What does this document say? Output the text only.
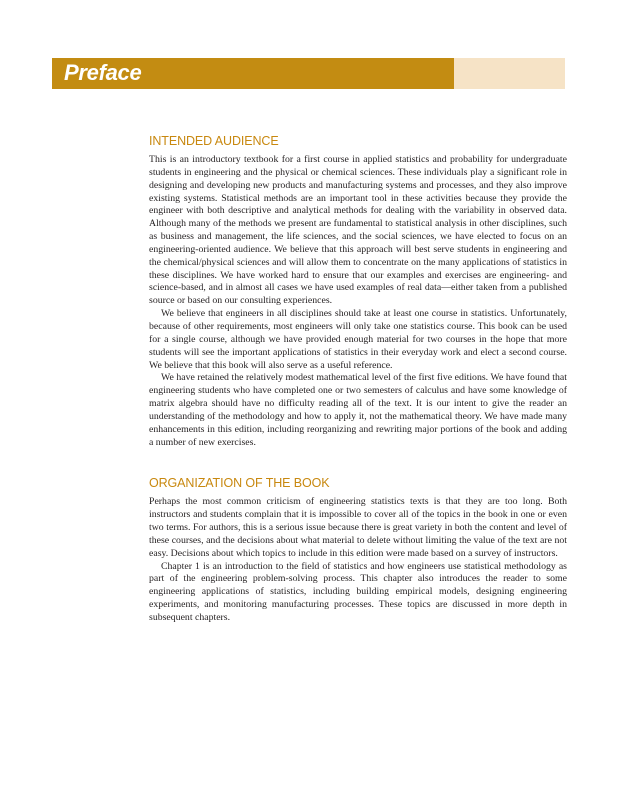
Preface
INTENDED AUDIENCE

This is an introductory textbook for a first course in applied statistics and probability for undergraduate students in engineering and the physical or chemical sciences. These individuals play a significant role in designing and developing new products and manufacturing systems and processes, and they also improve existing systems. Statistical methods are an important tool in these activities because they provide the engineer with both descriptive and analytical methods for dealing with the variability in observed data. Although many of the methods we present are fundamental to statistical analysis in other disciplines, such as business and management, the life sciences, and the social sciences, we have elected to focus on an engineering-oriented audience. We believe that this approach will best serve students in engineering and the chemical/physical sciences and will allow them to concentrate on the many applications of statistics in these disciplines. We have worked hard to ensure that our examples and exercises are engineering- and science-based, and in almost all cases we have used examples of real data—either taken from a published source or based on our consulting experiences.

We believe that engineers in all disciplines should take at least one course in statistics. Unfortunately, because of other requirements, most engineers will only take one statistics course. This book can be used for a single course, although we have provided enough material for two courses in the hope that more students will see the important applications of statistics in their everyday work and elect a second course. We believe that this book will also serve as a useful reference.

We have retained the relatively modest mathematical level of the first five editions. We have found that engineering students who have completed one or two semesters of calculus and have some knowledge of matrix algebra should have no difficulty reading all of the text. It is our intent to give the reader an understanding of the methodology and how to apply it, not the mathematical theory. We have made many enhancements in this edition, including reorganizing and rewriting major portions of the book and adding a number of new exercises.

ORGANIZATION OF THE BOOK

Perhaps the most common criticism of engineering statistics texts is that they are too long. Both instructors and students complain that it is impossible to cover all of the topics in the book in one or even two terms. For authors, this is a serious issue because there is great variety in both the content and level of these courses, and the decisions about what material to delete without limiting the value of the text are not easy. Decisions about which topics to include in this edition were made based on a survey of instructors.

Chapter 1 is an introduction to the field of statistics and how engineers use statistical methodology as part of the engineering problem-solving process. This chapter also introduces the reader to some engineering applications of statistics, including building empirical models, designing engineering experiments, and monitoring manufacturing processes. These topics are discussed in more depth in subsequent chapters.
